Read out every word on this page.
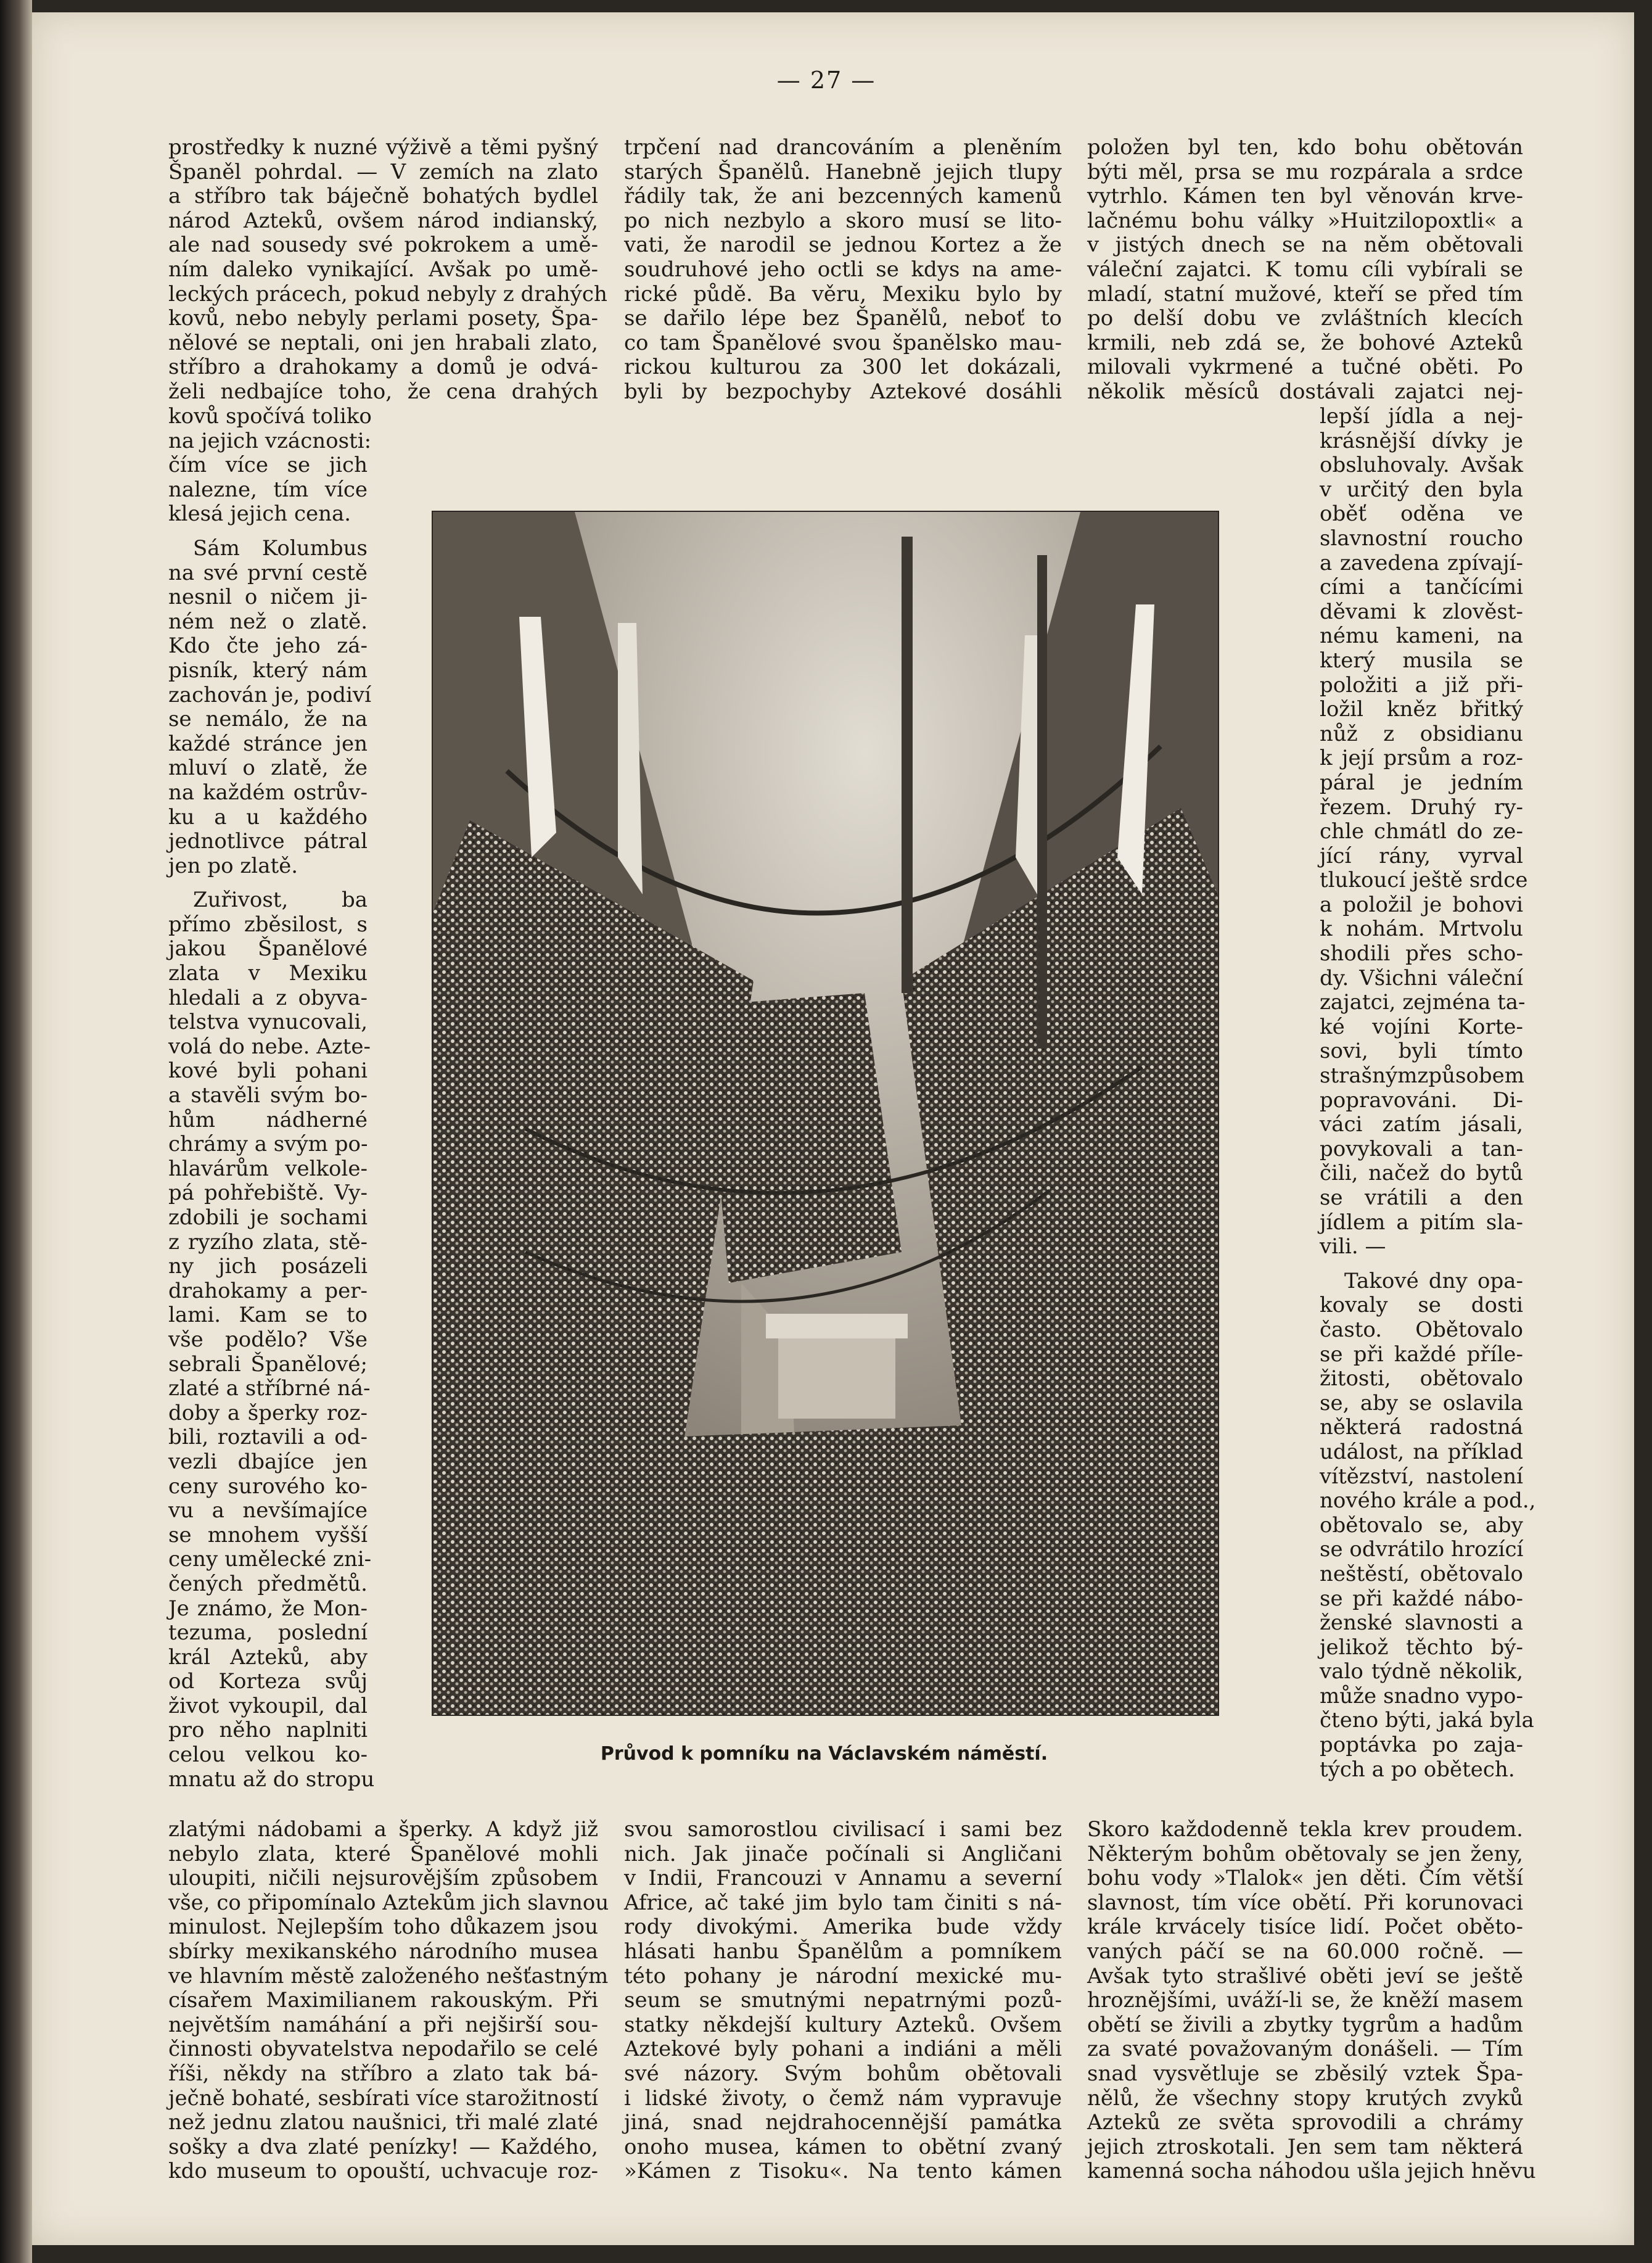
— 27 —
prostředky k nuzné výživě a těmi pyšný
Španěl pohrdal. — V zemích na zlato
a stříbro tak báječně bohatých bydlel
národ Azteků, ovšem národ indianský,
ale nad sousedy své pokrokem a umě-
ním daleko vynikající. Avšak po umě-
leckých prácech, pokud nebyly z drahých
kovů, nebo nebyly perlami posety, Špa-
nělové se neptali, oni jen hrabali zlato,
stříbro a drahokamy a domů je odvá-
želi nedbajíce toho, že cena drahých
kovů spočívá toliko
na jejich vzácnosti:
čím více se jich
nalezne, tím více
klesá jejich cena.
Sám Kolumbus
na své první cestě
nesnil o ničem ji-
ném než o zlatě.
Kdo čte jeho zá-
pisník, který nám
zachován je, podiví
se nemálo, že na
každé stránce jen
mluví o zlatě, že
na každém ostrův-
ku a u každého
jednotlivce pátral
jen po zlatě.
Zuřivost, ba
přímo zběsilost, s
jakou Španělové
zlata v Mexiku
hledali a z obyva-
telstva vynucovali,
volá do nebe. Azte-
kové byli pohani
a stavěli svým bo-
hům nádherné
chrámy a svým po-
hlavárům velkole-
pá pohřebiště. Vy-
zdobili je sochami
z ryzího zlata, stě-
ny jich posázeli
drahokamy a per-
lami. Kam se to
vše podělo? Vše
sebrali Španělové;
zlaté a stříbrné ná-
doby a šperky roz-
bili, roztavili a od-
vezli dbajíce jen
ceny surového ko-
vu a nevšímajíce
se mnohem vyšší
ceny umělecké zni-
čených předmětů.
Je známo, že Mon-
tezuma, poslední
král Azteků, aby
od Korteza svůj
život vykoupil, dal
pro něho naplniti
celou velkou ko-
mnatu až do stropu
zlatými nádobami a šperky. A když již
nebylo zlata, které Španělové mohli
uloupiti, ničili nejsurovějším způsobem
vše, co připomínalo Aztekům jich slavnou
minulost. Nejlepším toho důkazem jsou
sbírky mexikanského národního musea
ve hlavním městě založeného nešťastným
císařem Maximilianem rakouským. Při
největším namáhání a při nejširší sou-
činnosti obyvatelstva nepodařilo se celé
říši, někdy na stříbro a zlato tak bá-
ječně bohaté, sesbírati více starožitností
než jednu zlatou naušnici, tři malé zlaté
sošky a dva zlaté penízky! — Každého,
kdo museum to opouští, uchvacuje roz-
trpčení nad drancováním a pleněním
starých Španělů. Hanebně jejich tlupy
řádily tak, že ani bezcenných kamenů
po nich nezbylo a skoro musí se lito-
vati, že narodil se jednou Kortez a že
soudruhové jeho octli se kdys na ame-
rické půdě. Ba věru, Mexiku bylo by
se dařilo lépe bez Španělů, neboť to
co tam Španělové svou španělsko mau-
rickou kulturou za 300 let dokázali,
byli by bezpochyby Aztekové dosáhli
svou samorostlou civilisací i sami bez
nich. Jak jinače počínali si Angličani
v Indii, Francouzi v Annamu a severní
Africe, ač také jim bylo tam činiti s ná-
rody divokými. Amerika bude vždy
hlásati hanbu Španělům a pomníkem
této pohany je národní mexické mu-
seum se smutnými nepatrnými pozů-
statky někdejší kultury Azteků. Ovšem
Aztekové byly pohani a indiáni a měli
své názory. Svým bohům obětovali
i lidské životy, o čemž nám vypravuje
jiná, snad nejdrahocennější památka
onoho musea, kámen to obětní zvaný
»Kámen z Tisoku«. Na tento kámen
položen byl ten, kdo bohu obětován
býti měl, prsa se mu rozpárala a srdce
vytrhlo. Kámen ten byl věnován krve-
lačnému bohu války »Huitzilopoxtli« a
v jistých dnech se na něm obětovali
váleční zajatci. K tomu cíli vybírali se
mladí, statní mužové, kteří se před tím
po delší dobu ve zvláštních klecích
krmili, neb zdá se, že bohové Azteků
milovali vykrmené a tučné oběti. Po
několik měsíců dostávali zajatci nej-
lepší jídla a nej-
krásnější dívky je
obsluhovaly. Avšak
v určitý den byla
oběť oděna ve
slavnostní roucho
a zavedena zpívají-
cími a tančícími
děvami k zlověst-
nému kameni, na
který musila se
položiti a již při-
ložil kněz břitký
nůž z obsidianu
k její prsům a roz-
páral je jedním
řezem. Druhý ry-
chle chmátl do ze-
jící rány, vyrval
tlukoucí ještě srdce
a položil je bohovi
k nohám. Mrtvolu
shodili přes scho-
dy. Všichni váleční
zajatci, zejména ta-
ké vojíni Korte-
sovi, byli tímto
strašnýmzpůsobem
popravováni. Di-
váci zatím jásali,
povykovali a tan-
čili, načež do bytů
se vrátili a den
jídlem a pitím sla-
vili. —
Takové dny opa-
kovaly se dosti
často. Obětovalo
se při každé příle-
žitosti, obětovalo
se, aby se oslavila
některá radostná
událost, na příklad
vítězství, nastolení
nového krále a pod.,
obětovalo se, aby
se odvrátilo hrozící
neštěstí, obětovalo
se při každé nábo-
ženské slavnosti a
jelikož těchto bý-
valo týdně několik,
může snadno vypo-
čteno býti, jaká byla
poptávka po zaja-
tých a po obětech.
Skoro každodenně tekla krev proudem.
Některým bohům obětovaly se jen ženy,
bohu vody »Tlalok« jen děti. Čím větší
slavnost, tím více obětí. Při korunovaci
krále krvácely tisíce lidí. Počet oběto-
vaných páčí se na 60.000 ročně. —
Avšak tyto strašlivé oběti jeví se ještě
hroznějšími, uváží-li se, že kněží masem
obětí se živili a zbytky tygrům a hadům
za svaté považovaným donášeli. — Tím
snad vysvětluje se zběsilý vztek Špa-
nělů, že všechny stopy krutých zvyků
Azteků ze světa sprovodili a chrámy
jejich ztroskotali. Jen sem tam některá
kamenná socha náhodou ušla jejich hněvu
Průvod k pomníku na Václavském náměstí.
